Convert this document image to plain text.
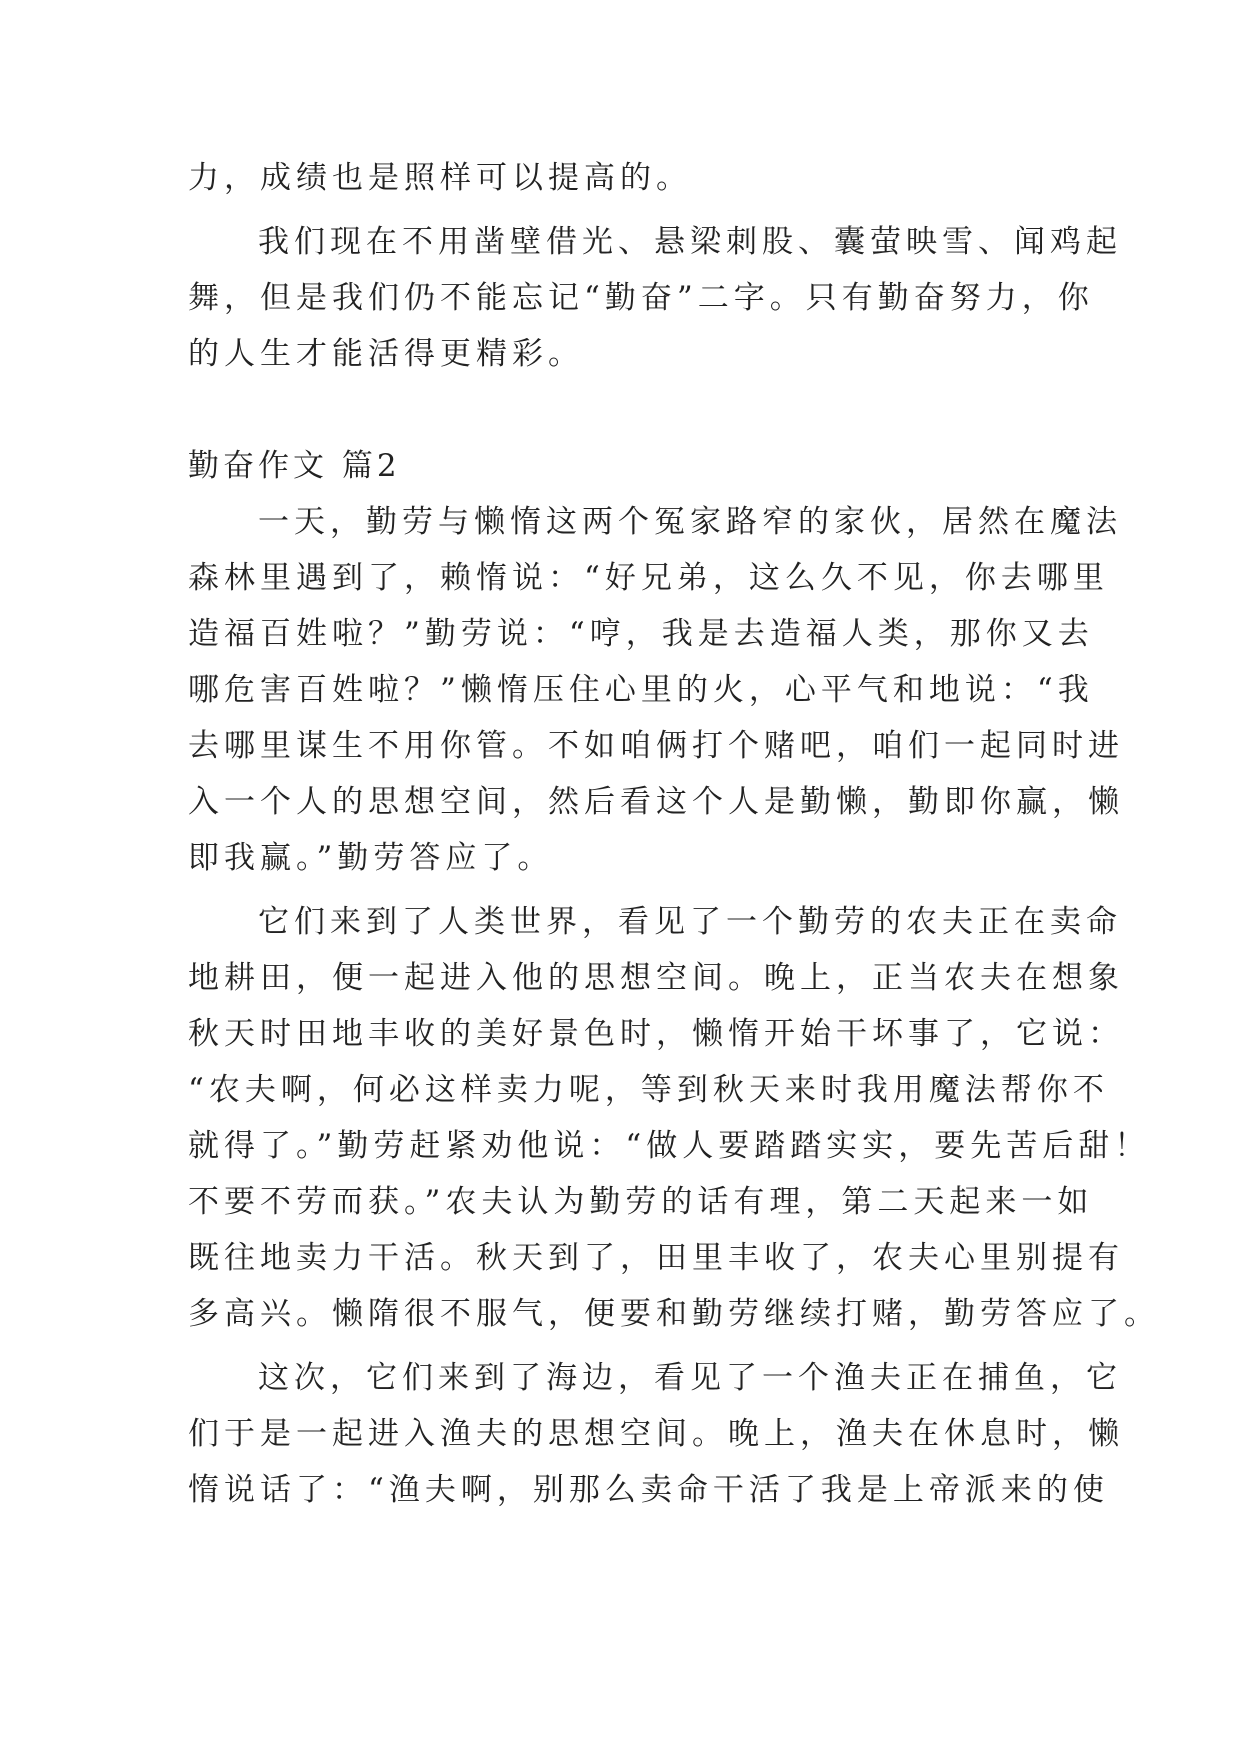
力，成绩也是照样可以提高的。
我们现在不用凿壁借光、悬梁刺股、囊萤映雪、闻鸡起
舞，但是我们仍不能忘记“勤奋”二字。只有勤奋努力，你
的人生才能活得更精彩。
勤奋作文 篇2
一天，勤劳与懒惰这两个冤家路窄的家伙，居然在魔法
森林里遇到了，赖惰说：“好兄弟，这么久不见，你去哪里
造福百姓啦？”勤劳说：“哼，我是去造福人类，那你又去
哪危害百姓啦？”懒惰压住心里的火，心平气和地说：“我
去哪里谋生不用你管。不如咱俩打个赌吧，咱们一起同时进
入一个人的思想空间，然后看这个人是勤懒，勤即你赢，懒
即我赢。”勤劳答应了。
它们来到了人类世界，看见了一个勤劳的农夫正在卖命
地耕田，便一起进入他的思想空间。晚上，正当农夫在想象
秋天时田地丰收的美好景色时，懒惰开始干坏事了，它说：
“农夫啊，何必这样卖力呢，等到秋天来时我用魔法帮你不
就得了。”勤劳赶紧劝他说：“做人要踏踏实实，要先苦后甜！
不要不劳而获。”农夫认为勤劳的话有理，第二天起来一如
既往地卖力干活。秋天到了，田里丰收了，农夫心里别提有
多高兴。懒隋很不服气，便要和勤劳继续打赌，勤劳答应了。
这次，它们来到了海边，看见了一个渔夫正在捕鱼，它
们于是一起进入渔夫的思想空间。晚上，渔夫在休息时，懒
惰说话了：“渔夫啊，别那么卖命干活了我是上帝派来的使
